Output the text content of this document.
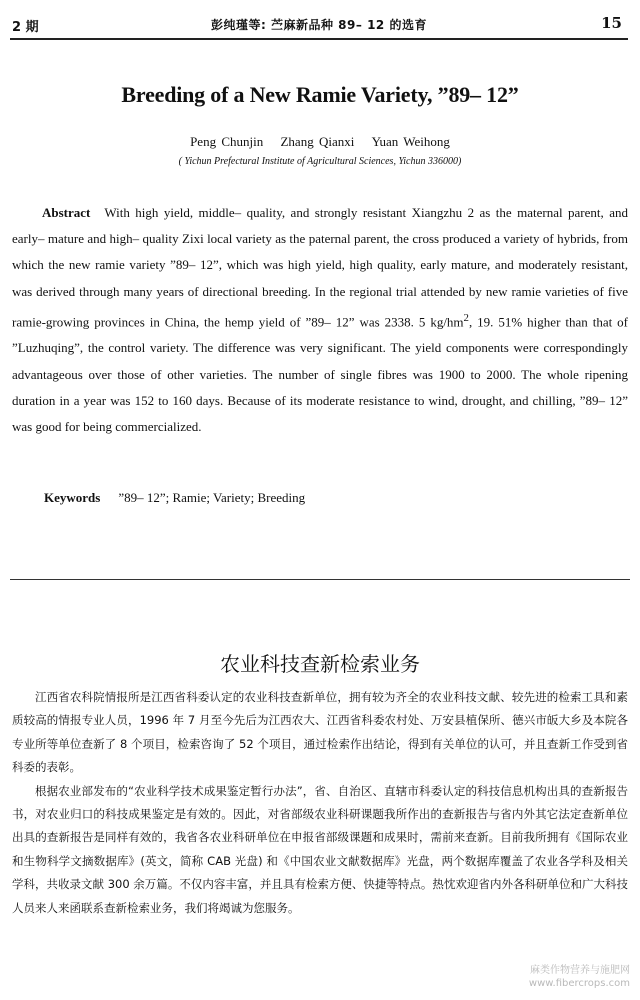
2 期	彭纯瑾等: 苎麻新品种 89– 12 的选育	15
Breeding of a New Ramie Variety, ”89– 12”
Peng Chunjin Zhang Qianxi Yuan Weihong
( Yichun Prefectural Institute of Agricultural Sciences, Yichun 336000)
Abstract With high yield, middle– quality, and strongly resistant Xiangzhu 2 as the maternal parent, and early– mature and high– quality Zixi local variety as the paternal parent, the cross produced a variety of hybrids, from which the new ramie variety ”89– 12”, which was high yield, high quality, early mature, and moderately resistant, was derived through many years of directional breeding. In the regional trial attended by new ramie varieties of five ramie-growing provinces in China, the hemp yield of ”89– 12” was 2338. 5 $kg/hm^2$, 19. 51% higher than that of ”Luzhuqing”, the control variety. The difference was very significant. The yield components were correspondingly advantageous over those of other varieties. The number of single fibres was 1900 to 2000. The whole ripening duration in a year was 152 to 160 days. Because of its moderate resistance to wind, drought, and chilling, ”89– 12” was good for being commercialized.
Keywords ”89– 12”; Ramie; Variety; Breeding
农业科技查新检索业务

江西省农科院情报所是江西省科委认定的农业科技查新单位，拥有较为齐全的农业科技文献、较先进的检索工具和素质较高的情报专业人员，1996 年 7 月至今先后为江西农大、江西省科委农村处、万安县植保所、德兴市皈大乡及本院各专业所等单位查新了 8 个项目，检索咨询了 52 个项目，通过检索作出结论，得到有关单位的认可，并且查新工作受到省科委的表彰。

根据农业部发布的“农业科学技术成果鉴定暂行办法”，省、自治区、直辖市科委认定的科技信息机构出具的查新报告书，对农业归口的科技成果鉴定是有效的。因此，对省部级农业科研课题我所作出的查新报告与省内外其它法定查新单位出具的查新报告是同样有效的，我省各农业科研单位在申报省部级课题和成果时，需前来查新。目前我所拥有《国际农业和生物科学文摘数据库》(英文，简称 CAB 光盘) 和《中国农业文献数据库》光盘，两个数据库覆盖了农业各学科及相关学科，共收录文献 300 余万篇。不仅内容丰富，并且具有检索方便、快捷等特点。热忱欢迎省内外各科研单位和广大科技人员来人来函联系查新检索业务，我们将竭诚为您服务。

麻类作物营养与施肥网
www.fibercrops.com
